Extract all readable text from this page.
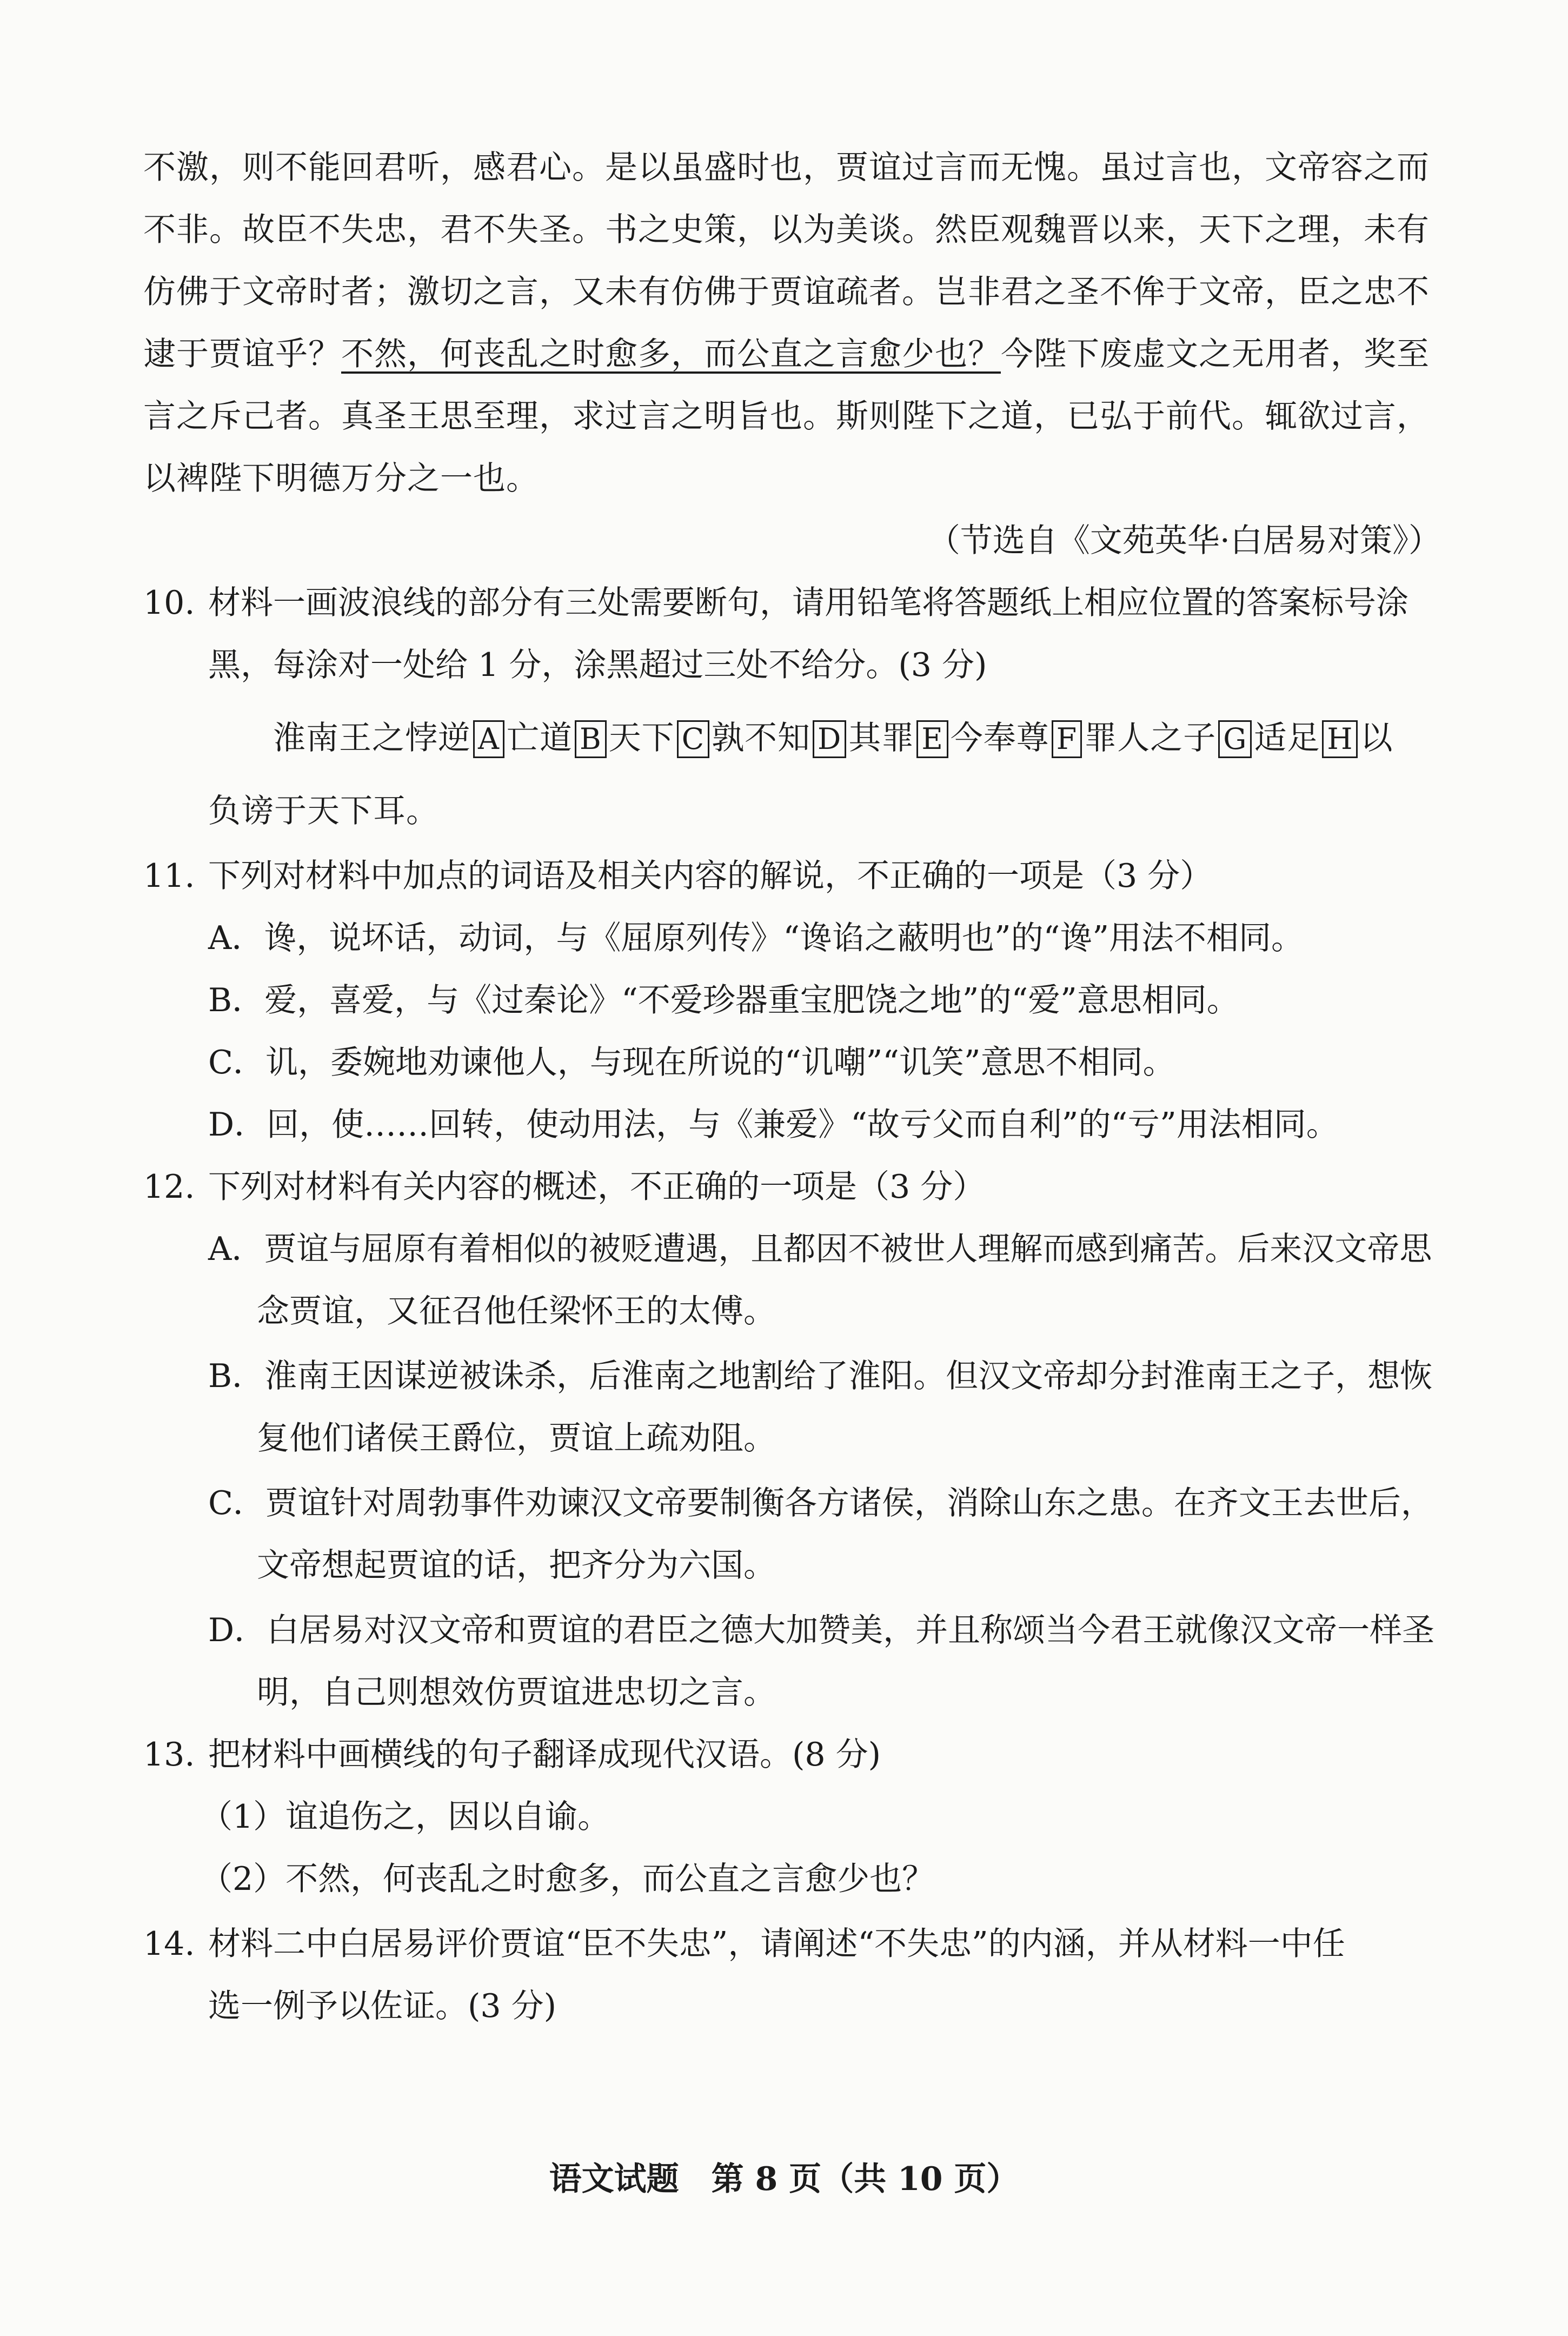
不激，则不能回君听，感君心。是以虽盛时也，贾谊过言而无愧。虽过言也，文帝容之而
不非。故臣不失忠，君不失圣。书之史策，以为美谈。然臣观魏晋以来，天下之理，未有
仿佛于文帝时者；激切之言，又未有仿佛于贾谊疏者。岂非君之圣不侔于文帝，臣之忠不
逮于贾谊乎？不然，何丧乱之时愈多，而公直之言愈少也？今陛下废虚文之无用者，奖至
言之斥己者。真圣王思至理，求过言之明旨也。斯则陛下之道，已弘于前代。辄欲过言，
以裨陛下明德万分之一也。
（节选自《文苑英华·白居易对策》）
10. 材料一画波浪线的部分有三处需要断句，请用铅笔将答题纸上相应位置的答案标号涂
黑，每涂对一处给 1 分，涂黑超过三处不给分。(3 分)
淮南王之悖逆 A 亡道 B 天下 C 孰不知 D 其罪 E 今奉尊 F 罪人之子 G 适足 H 以
负谤于天下耳。
11. 下列对材料中加点的词语及相关内容的解说，不正确的一项是（3 分）
A．谗，说坏话，动词，与《屈原列传》“谗谄之蔽明也”的“谗”用法不相同。
B．爱，喜爱，与《过秦论》“不爱珍器重宝肥饶之地”的“爱”意思相同。
C．讥，委婉地劝谏他人，与现在所说的“讥嘲”“讥笑”意思不相同。
D．回，使……回转，使动用法，与《兼爱》“故亏父而自利”的“亏”用法相同。
12. 下列对材料有关内容的概述，不正确的一项是（3 分）
A．贾谊与屈原有着相似的被贬遭遇，且都因不被世人理解而感到痛苦。后来汉文帝思
念贾谊，又征召他任梁怀王的太傅。
B．淮南王因谋逆被诛杀，后淮南之地割给了淮阳。但汉文帝却分封淮南王之子，想恢
复他们诸侯王爵位，贾谊上疏劝阻。
C．贾谊针对周勃事件劝谏汉文帝要制衡各方诸侯，消除山东之患。在齐文王去世后，
文帝想起贾谊的话，把齐分为六国。
D．白居易对汉文帝和贾谊的君臣之德大加赞美，并且称颂当今君王就像汉文帝一样圣
明，自己则想效仿贾谊进忠切之言。
13. 把材料中画横线的句子翻译成现代汉语。(8 分)
（1）谊追伤之，因以自谕。
（2）不然，何丧乱之时愈多，而公直之言愈少也？
14. 材料二中白居易评价贾谊“臣不失忠”，请阐述“不失忠”的内涵，并从材料一中任
选一例予以佐证。(3 分)
语文试题　第 8 页（共 10 页）
